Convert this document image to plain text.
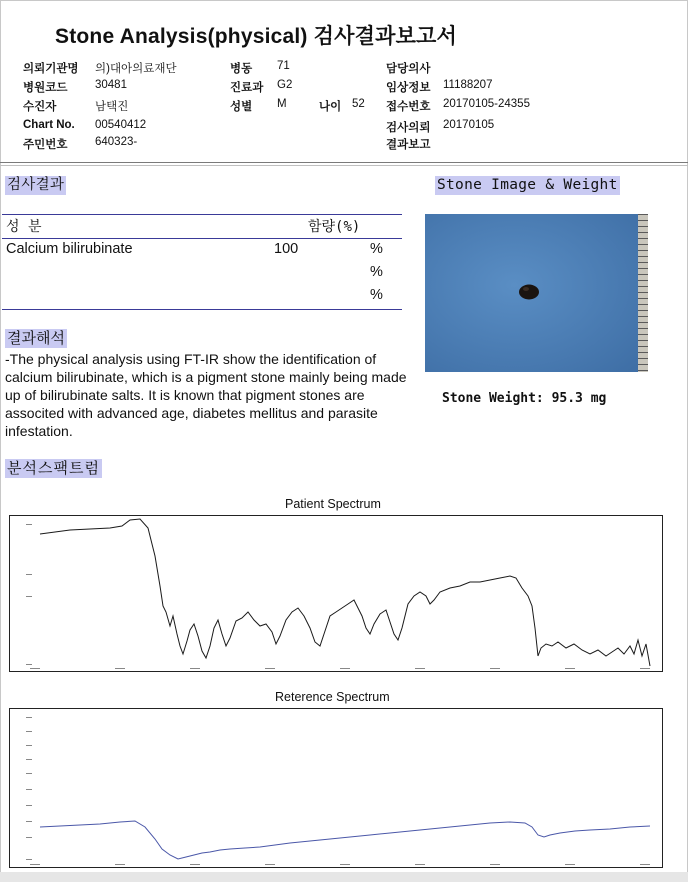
Stone Analysis(physical) 검사결과보고서
의뢰기관명 의)대아의료재단
병원코드 30481
수진자	남택진
Chart No. 00540412
주민번호 640323-
병동 71
진료과 G2
성별 M	나이 52
담당의사
임상정보 11188207
접수번호 20170105-24355
검사의뢰 20170105
결과보고
검사결과
성 분	함량(%)
Calcium bilirubinate	100	%
%
%
결과해석
-The physical analysis using FT-IR show the identification of calcium bilirubinate, which is a pigment stone mainly being made up of bilirubinate salts. It is known that pigment stones are associted with advanced age, diabetes mellitus and parasite infestation.
Stone Image & Weight
Stone Weight: 95.3 mg
분석스팩트럼
Patient Spectrum
Reterence Spectrum
